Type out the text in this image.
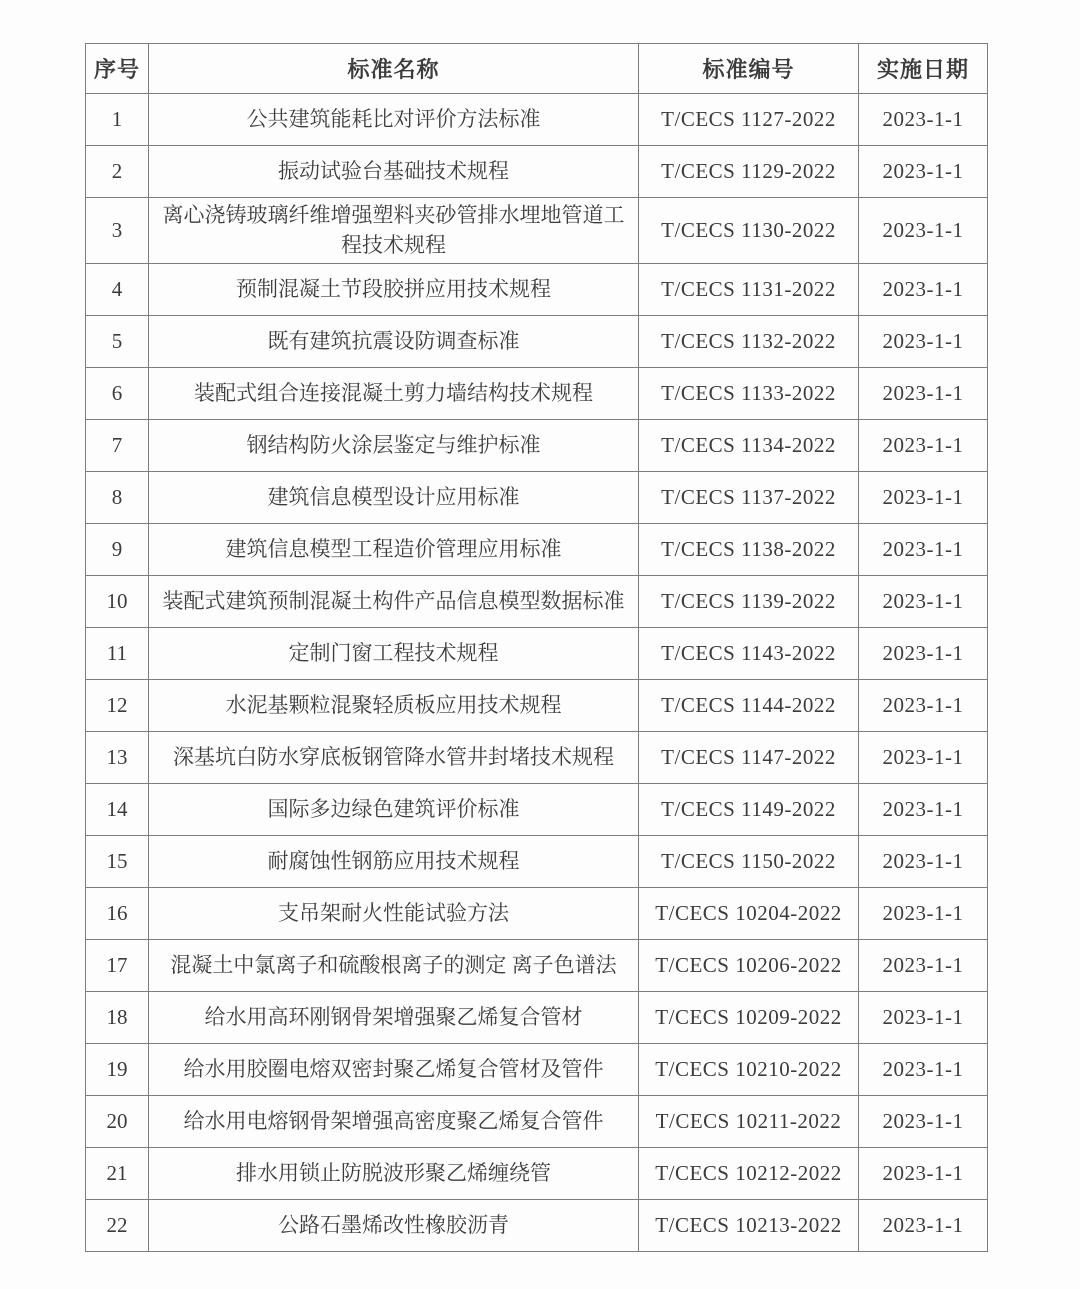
序号	标准名称	标准编号	实施日期
1	公共建筑能耗比对评价方法标准	T/CECS 1127-2022	2023-1-1
2	振动试验台基础技术规程	T/CECS 1129-2022	2023-1-1
3	离心浇铸玻璃纤维增强塑料夹砂管排水埋地管道工程技术规程	T/CECS 1130-2022	2023-1-1
4	预制混凝土节段胶拼应用技术规程	T/CECS 1131-2022	2023-1-1
5	既有建筑抗震设防调查标准	T/CECS 1132-2022	2023-1-1
6	装配式组合连接混凝土剪力墙结构技术规程	T/CECS 1133-2022	2023-1-1
7	钢结构防火涂层鉴定与维护标准	T/CECS 1134-2022	2023-1-1
8	建筑信息模型设计应用标准	T/CECS 1137-2022	2023-1-1
9	建筑信息模型工程造价管理应用标准	T/CECS 1138-2022	2023-1-1
10	装配式建筑预制混凝土构件产品信息模型数据标准	T/CECS 1139-2022	2023-1-1
11	定制门窗工程技术规程	T/CECS 1143-2022	2023-1-1
12	水泥基颗粒混聚轻质板应用技术规程	T/CECS 1144-2022	2023-1-1
13	深基坑白防水穿底板钢管降水管井封堵技术规程	T/CECS 1147-2022	2023-1-1
14	国际多边绿色建筑评价标准	T/CECS 1149-2022	2023-1-1
15	耐腐蚀性钢筋应用技术规程	T/CECS 1150-2022	2023-1-1
16	支吊架耐火性能试验方法	T/CECS 10204-2022	2023-1-1
17	混凝土中氯离子和硫酸根离子的测定 离子色谱法	T/CECS 10206-2022	2023-1-1
18	给水用高环刚钢骨架增强聚乙烯复合管材	T/CECS 10209-2022	2023-1-1
19	给水用胶圈电熔双密封聚乙烯复合管材及管件	T/CECS 10210-2022	2023-1-1
20	给水用电熔钢骨架增强高密度聚乙烯复合管件	T/CECS 10211-2022	2023-1-1
21	排水用锁止防脱波形聚乙烯缠绕管	T/CECS 10212-2022	2023-1-1
22	公路石墨烯改性橡胶沥青	T/CECS 10213-2022	2023-1-1
